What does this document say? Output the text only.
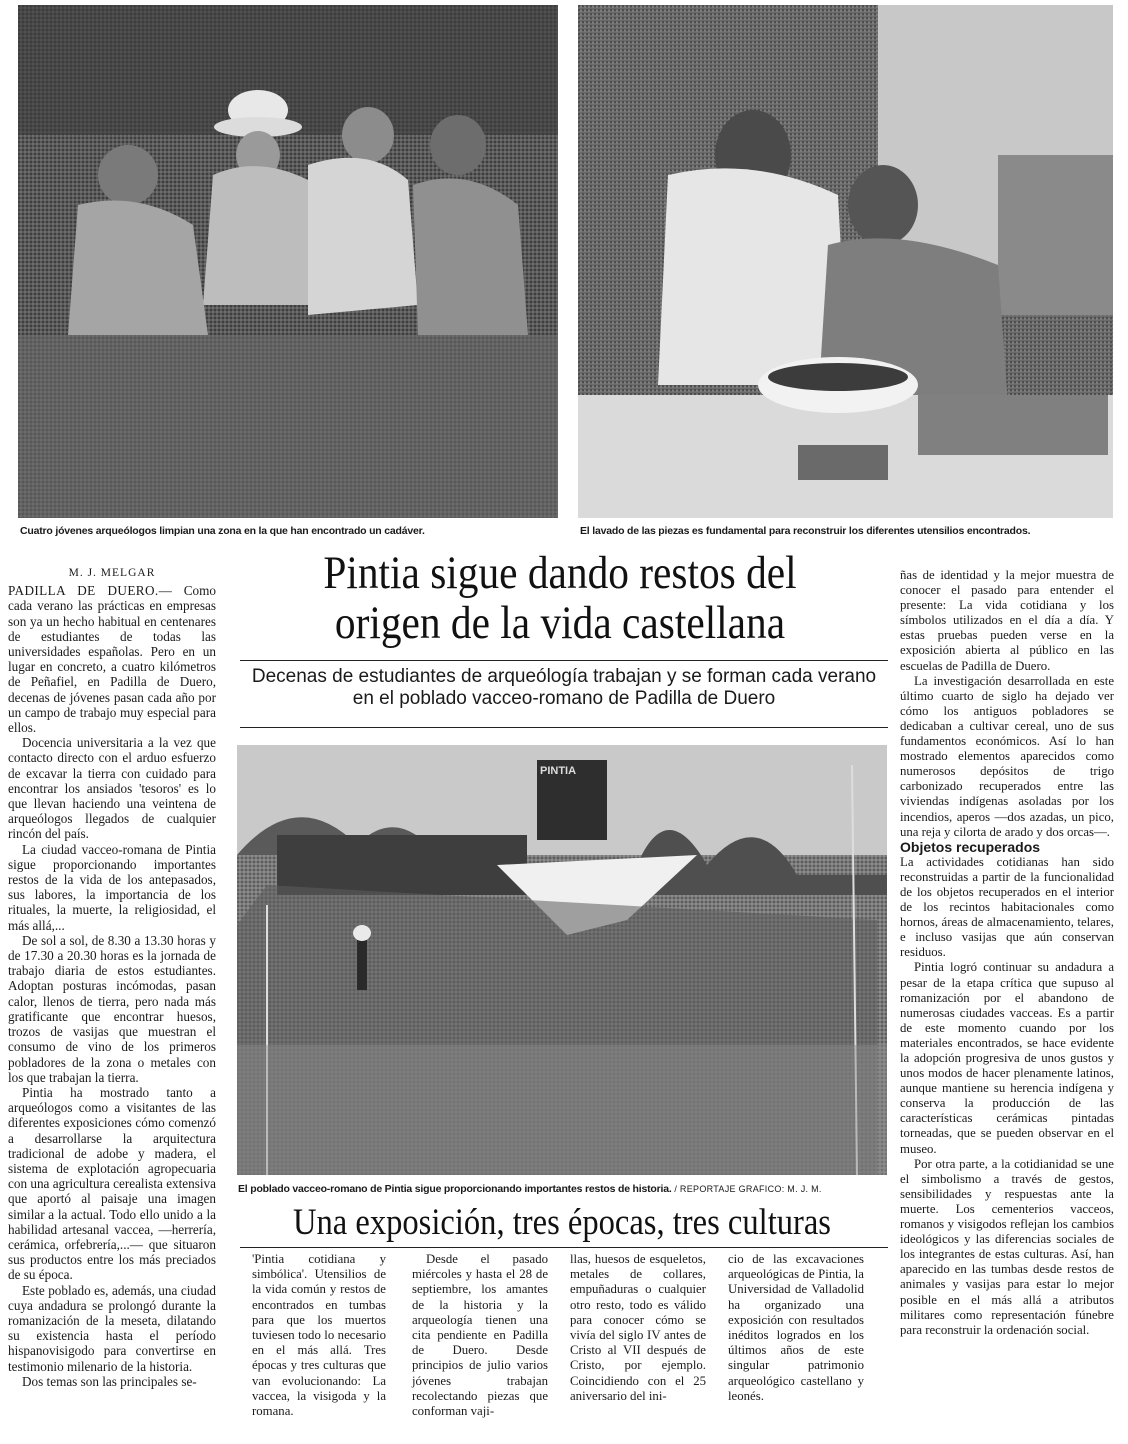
Cuatro jóvenes arqueólogos limpian una zona en la que han encontrado un cadáver.	El lavado de las piezas es fundamental para reconstruir los diferentes utensilios encontrados.
M. J. MELGAR

PADILLA DE DUERO.— Como cada verano las prácticas en empresas son ya un hecho habitual en centenares de estudiantes de todas las universidades españolas. Pero en un lugar en concreto, a cuatro kilómetros de Peñafiel, en Padilla de Duero, decenas de jóvenes pasan cada año por un campo de trabajo muy especial para ellos.

Docencia universitaria a la vez que contacto directo con el arduo esfuerzo de excavar la tierra con cuidado para encontrar los ansiados 'tesoros' es lo que llevan haciendo una veintena de arqueólogos llegados de cualquier rincón del país.

La ciudad vacceo-romana de Pintia sigue proporcionando importantes restos de la vida de los antepasados, sus labores, la importancia de los rituales, la muerte, la religiosidad, el más allá,...

De sol a sol, de 8.30 a 13.30 horas y de 17.30 a 20.30 horas es la jornada de trabajo diaria de estos estudiantes. Adoptan posturas incómodas, pasan calor, llenos de tierra, pero nada más gratificante que encontrar huesos, trozos de vasijas que muestran el consumo de vino de los primeros pobladores de la zona o metales con los que trabajan la tierra.

Pintia ha mostrado tanto a arqueólogos como a visitantes de las diferentes exposiciones cómo comenzó a desarrollarse la arquitectura tradicional de adobe y madera, el sistema de explotación agropecuaria con una agricultura cerealista extensiva que aportó al paisaje una imagen similar a la actual. Todo ello unido a la habilidad artesanal vaccea, —herrería, cerámica, orfebrería,...— que situaron sus productos entre los más preciados de su época.

Este poblado es, además, una ciudad cuya andadura se prolongó durante la romanización de la meseta, dilatando su existencia hasta el período hispanovisigodo para convertirse en testimonio milenario de la historia.

Dos temas son las principales se-

Pintia sigue dando restos del origen de la vida castellana

Decenas de estudiantes de arqueólogía trabajan y se forman cada verano en el poblado vacceo-romano de Padilla de Duero

PINTIA
El poblado vacceo-romano de Pintia sigue proporcionando importantes restos de historia. / REPORTAJE GRAFICO: M. J. M.
Una exposición, tres épocas, tres culturas

'Pintia cotidiana y simbólica'. Utensilios de la vida común y restos de encontrados en tumbas para que los muertos tuviesen todo lo necesario en el más allá. Tres épocas y tres culturas que van evolucionando: La vaccea, la visigoda y la romana.

Desde el pasado miércoles y hasta el 28 de septiembre, los amantes de la historia y la arqueología tienen una cita pendiente en Padilla de Duero. Desde principios de julio varios jóvenes trabajan recolectando piezas que conforman vaji-

llas, huesos de esqueletos, metales de collares, empuñaduras o cualquier otro resto, todo es válido para conocer cómo se vivía del siglo IV antes de Cristo al VII después de Cristo, por ejemplo. Coincidiendo con el 25 aniversario del ini-

cio de las excavaciones arqueológicas de Pintia, la Universidad de Valladolid ha organizado una exposición con resultados inéditos logrados en los últimos años de este singular patrimonio arqueológico castellano y leonés.

ñas de identidad y la mejor muestra de conocer el pasado para entender el presente: La vida cotidiana y los símbolos utilizados en el día a día. Y estas pruebas pueden verse en la exposición abierta al público en las escuelas de Padilla de Duero.

La investigación desarrollada en este último cuarto de siglo ha dejado ver cómo los antiguos pobladores se dedicaban a cultivar cereal, uno de sus fundamentos económicos. Así lo han mostrado elementos aparecidos como numerosos depósitos de trigo carbonizado recuperados entre las viviendas indígenas asoladas por los incendios, aperos —dos azadas, un pico, una reja y cilorta de arado y dos orcas—.

Objetos recuperados

La actividades cotidianas han sido reconstruidas a partir de la funcionalidad de los objetos recuperados en el interior de los recintos habitacionales como hornos, áreas de almacenamiento, telares, e incluso vasijas que aún conservan residuos.

Pintia logró continuar su andadura a pesar de la etapa crítica que supuso al romanización por el abandono de numerosas ciudades vacceas. Es a partir de este momento cuando por los materiales encontrados, se hace evidente la adopción progresiva de unos gustos y unos modos de hacer plenamente latinos, aunque mantiene su herencia indígena y conserva la producción de las características cerámicas pintadas torneadas, que se pueden observar en el museo.

Por otra parte, a la cotidianidad se une el simbolismo a través de gestos, sensibilidades y respuestas ante la muerte. Los cementerios vacceos, romanos y visigodos reflejan los cambios ideológicos y las diferencias sociales de los integrantes de estas culturas. Así, han aparecido en las tumbas desde restos de animales y vasijas para estar lo mejor posible en el más allá a atributos militares como representación fúnebre para reconstruir la ordenación social.
